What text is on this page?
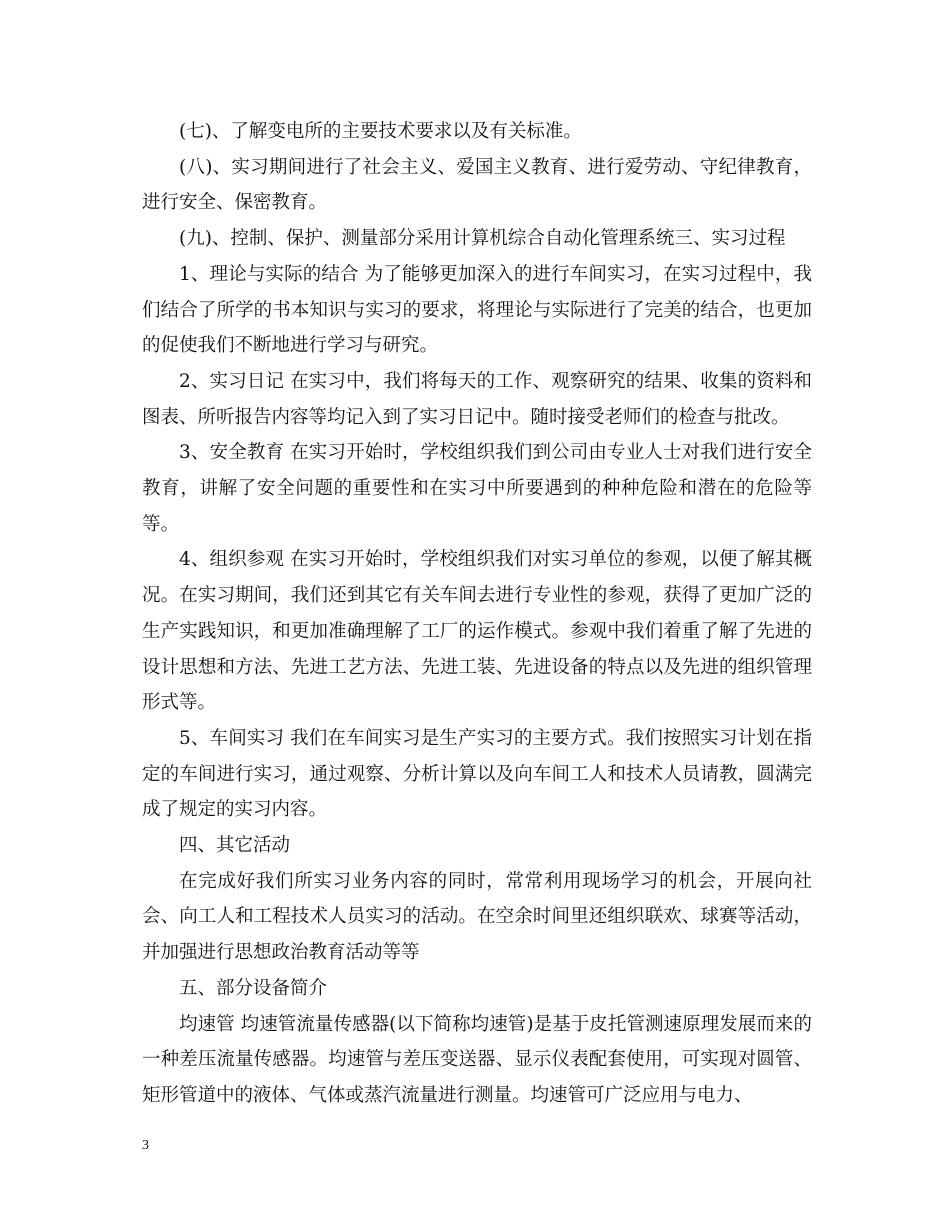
(七)、了解变电所的主要技术要求以及有关标准。

(八)、实习期间进行了社会主义、爱国主义教育、进行爱劳动、守纪律教育，进行安全、保密教育。

(九)、控制、保护、测量部分采用计算机综合自动化管理系统三、实习过程

1、理论与实际的结合 为了能够更加深入的进行车间实习，在实习过程中，我们结合了所学的书本知识与实习的要求，将理论与实际进行了完美的结合，也更加的促使我们不断地进行学习与研究。

2、实习日记 在实习中，我们将每天的工作、观察研究的结果、收集的资料和图表、所听报告内容等均记入到了实习日记中。随时接受老师们的检查与批改。

3、安全教育 在实习开始时，学校组织我们到公司由专业人士对我们进行安全教育，讲解了安全问题的重要性和在实习中所要遇到的种种危险和潜在的危险等等。

4、组织参观 在实习开始时，学校组织我们对实习单位的参观，以便了解其概况。在实习期间，我们还到其它有关车间去进行专业性的参观，获得了更加广泛的生产实践知识，和更加准确理解了工厂的运作模式。参观中我们着重了解了先进的设计思想和方法、先进工艺方法、先进工装、先进设备的特点以及先进的组织管理形式等。

5、车间实习 我们在车间实习是生产实习的主要方式。我们按照实习计划在指定的车间进行实习，通过观察、分析计算以及向车间工人和技术人员请教，圆满完成了规定的实习内容。

四、其它活动

在完成好我们所实习业务内容的同时，常常利用现场学习的机会，开展向社会、向工人和工程技术人员实习的活动。在空余时间里还组织联欢、球赛等活动，并加强进行思想政治教育活动等等

五、部分设备简介

均速管 均速管流量传感器(以下简称均速管)是基于皮托管测速原理发展而来的一种差压流量传感器。均速管与差压变送器、显示仪表配套使用，可实现对圆管、矩形管道中的液体、气体或蒸汽流量进行测量。均速管可广泛应用与电力、

3
